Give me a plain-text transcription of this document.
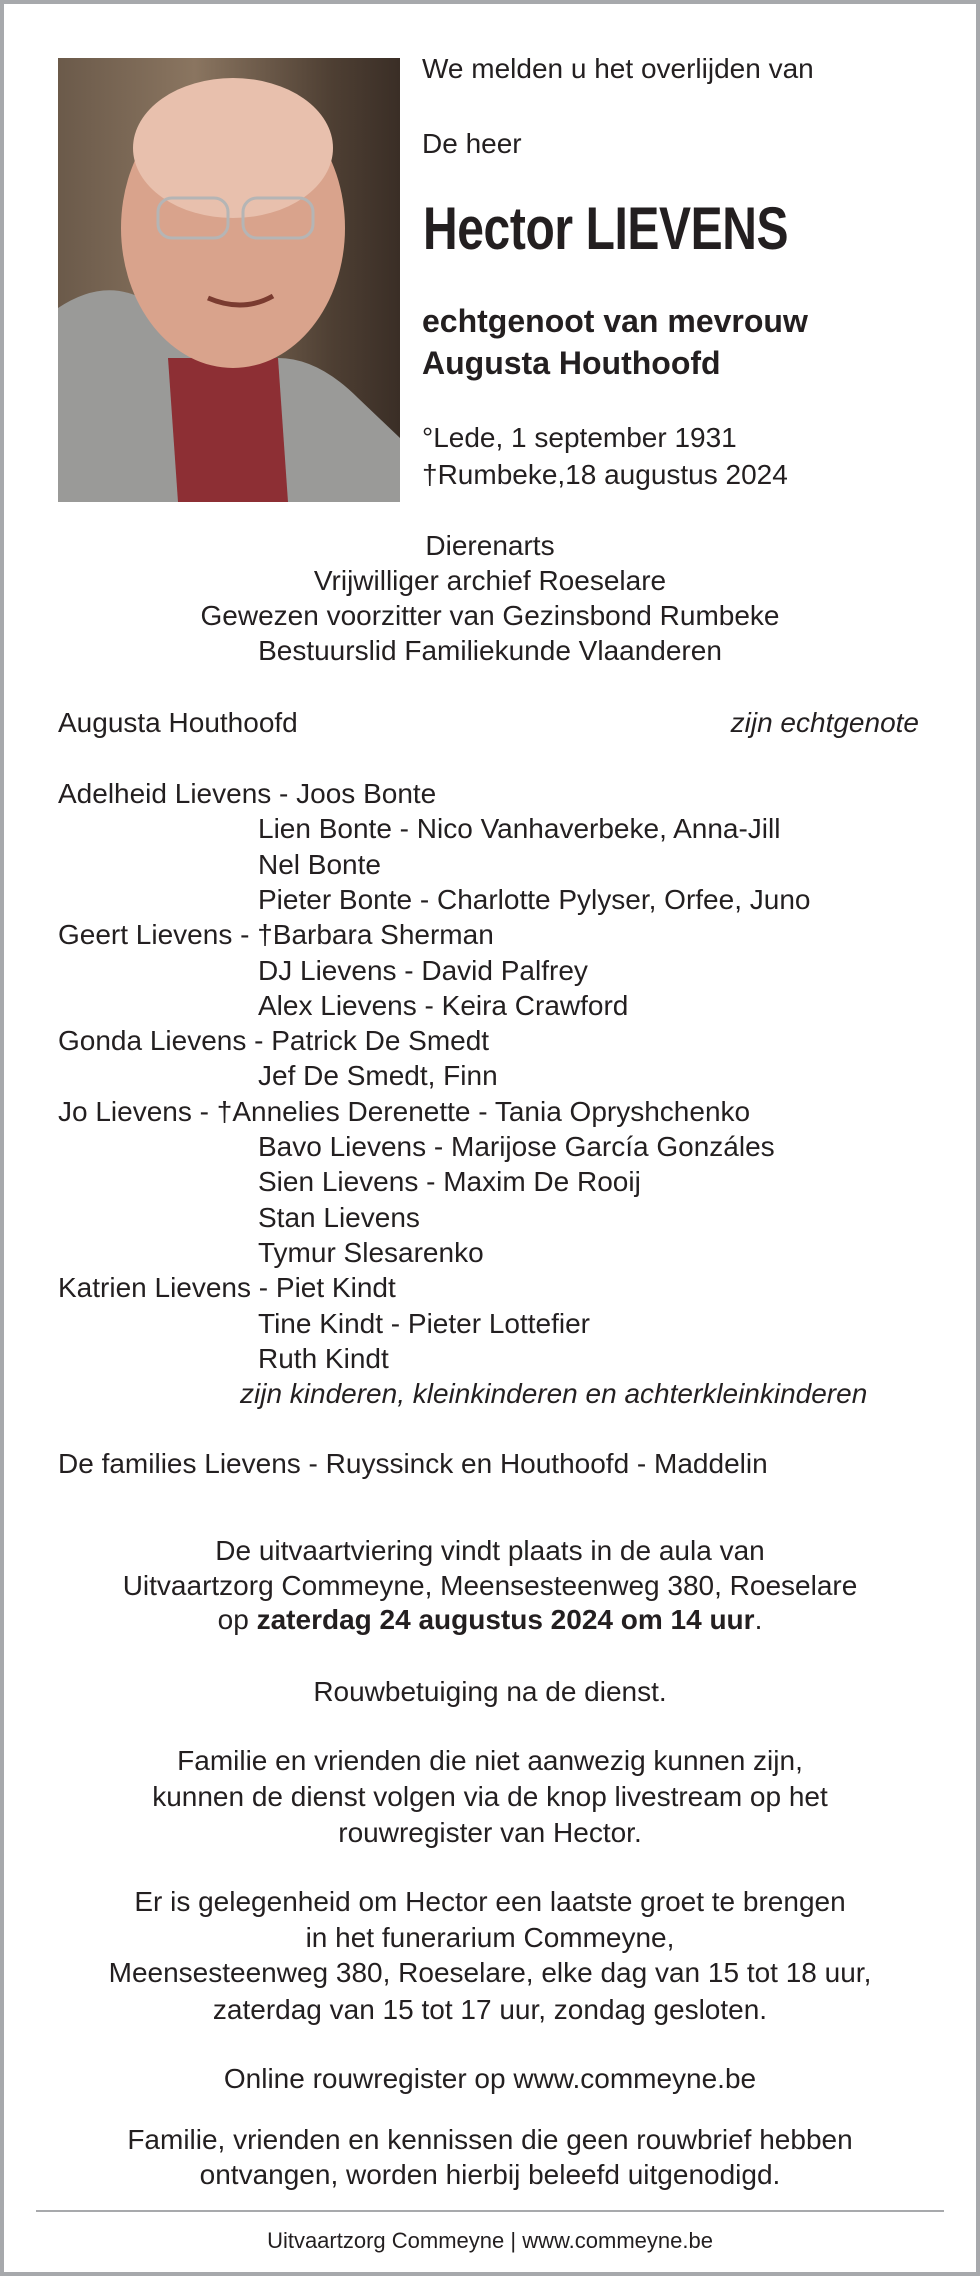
We melden u het overlijden van
De heer
Hector LIEVENS
echtgenoot van mevrouw
Augusta Houthoofd
°Lede, 1 september 1931
†Rumbeke,18 augustus 2024
Dierenarts
Vrijwilliger archief Roeselare
Gewezen voorzitter van Gezinsbond Rumbeke
Bestuurslid Familiekunde Vlaanderen
Augusta Houthoofd	zijn echtgenote
Adelheid Lievens - Joos Bonte
Lien Bonte - Nico Vanhaverbeke, Anna-Jill
Nel Bonte
Pieter Bonte - Charlotte Pylyser, Orfee, Juno
Geert Lievens - †Barbara Sherman
DJ Lievens - David Palfrey
Alex Lievens - Keira Crawford
Gonda Lievens - Patrick De Smedt
Jef De Smedt, Finn
Jo Lievens - †Annelies Derenette - Tania Opryshchenko
Bavo Lievens - Marijose García Gonzáles
Sien Lievens - Maxim De Rooij
Stan Lievens
Tymur Slesarenko
Katrien Lievens - Piet Kindt
Tine Kindt - Pieter Lottefier
Ruth Kindt
zijn kinderen, kleinkinderen en achterkleinkinderen
De families Lievens - Ruyssinck en Houthoofd - Maddelin
De uitvaartviering vindt plaats in de aula van
Uitvaartzorg Commeyne, Meensesteenweg 380, Roeselare
op zaterdag 24 augustus 2024 om 14 uur.
Rouwbetuiging na de dienst.
Familie en vrienden die niet aanwezig kunnen zijn,
kunnen de dienst volgen via de knop livestream op het
rouwregister van Hector.
Er is gelegenheid om Hector een laatste groet te brengen
in het funerarium Commeyne,
Meensesteenweg 380, Roeselare, elke dag van 15 tot 18 uur,
zaterdag van 15 tot 17 uur, zondag gesloten.
Online rouwregister op www.commeyne.be
Familie, vrienden en kennissen die geen rouwbrief hebben
ontvangen, worden hierbij beleefd uitgenodigd.
Uitvaartzorg Commeyne | www.commeyne.be
